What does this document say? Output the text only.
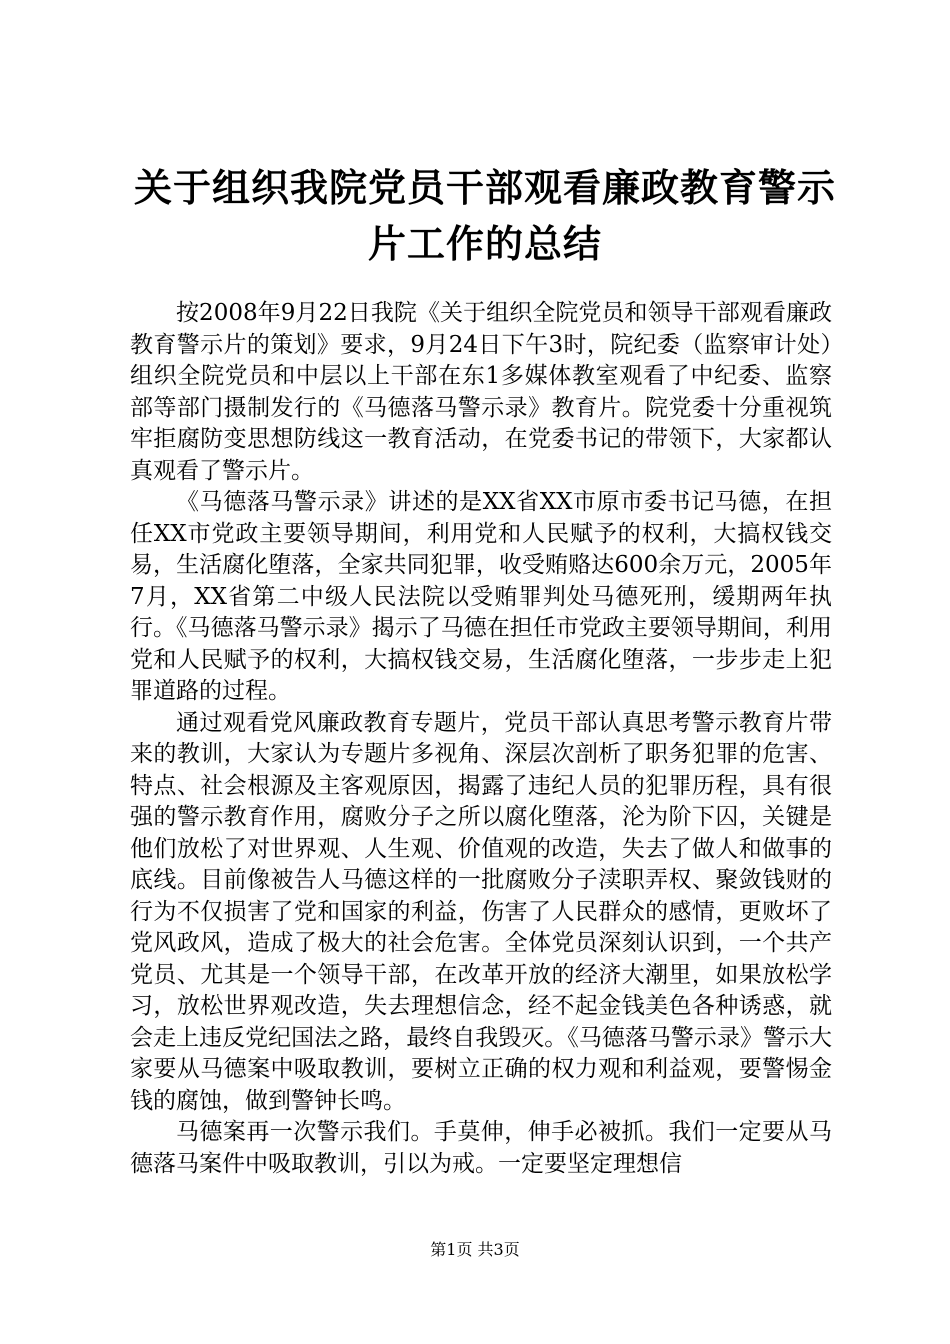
关于组织我院党员干部观看廉政教育警示片工作的总结

按2008年9月22日我院《关于组织全院党员和领导干部观看廉政教育警示片的策划》要求，9月24日下午3时，院纪委（监察审计处）组织全院党员和中层以上干部在东1多媒体教室观看了中纪委、监察部等部门摄制发行的《马德落马警示录》教育片。院党委十分重视筑牢拒腐防变思想防线这一教育活动，在党委书记的带领下，大家都认真观看了警示片。

《马德落马警示录》讲述的是XX省XX市原市委书记马德，在担任XX市党政主要领导期间，利用党和人民赋予的权利，大搞权钱交易，生活腐化堕落，全家共同犯罪，收受贿赂达600余万元，2005年7月，XX省第二中级人民法院以受贿罪判处马德死刑，缓期两年执行。《马德落马警示录》揭示了马德在担任市党政主要领导期间，利用党和人民赋予的权利，大搞权钱交易，生活腐化堕落，一步步走上犯罪道路的过程。

通过观看党风廉政教育专题片，党员干部认真思考警示教育片带来的教训，大家认为专题片多视角、深层次剖析了职务犯罪的危害、特点、社会根源及主客观原因，揭露了违纪人员的犯罪历程，具有很强的警示教育作用，腐败分子之所以腐化堕落，沦为阶下囚，关键是他们放松了对世界观、人生观、价值观的改造，失去了做人和做事的底线。目前像被告人马德这样的一批腐败分子渎职弄权、聚敛钱财的行为不仅损害了党和国家的利益，伤害了人民群众的感情，更败坏了党风政风，造成了极大的社会危害。全体党员深刻认识到，一个共产党员、尤其是一个领导干部，在改革开放的经济大潮里，如果放松学习，放松世界观改造，失去理想信念，经不起金钱美色各种诱惑，就会走上违反党纪国法之路，最终自我毁灭。《马德落马警示录》警示大家要从马德案中吸取教训，要树立正确的权力观和利益观，要警惕金钱的腐蚀，做到警钟长鸣。

马德案再一次警示我们。手莫伸，伸手必被抓。我们一定要从马德落马案件中吸取教训，引以为戒。一定要坚定理想信

第1页 共3页
